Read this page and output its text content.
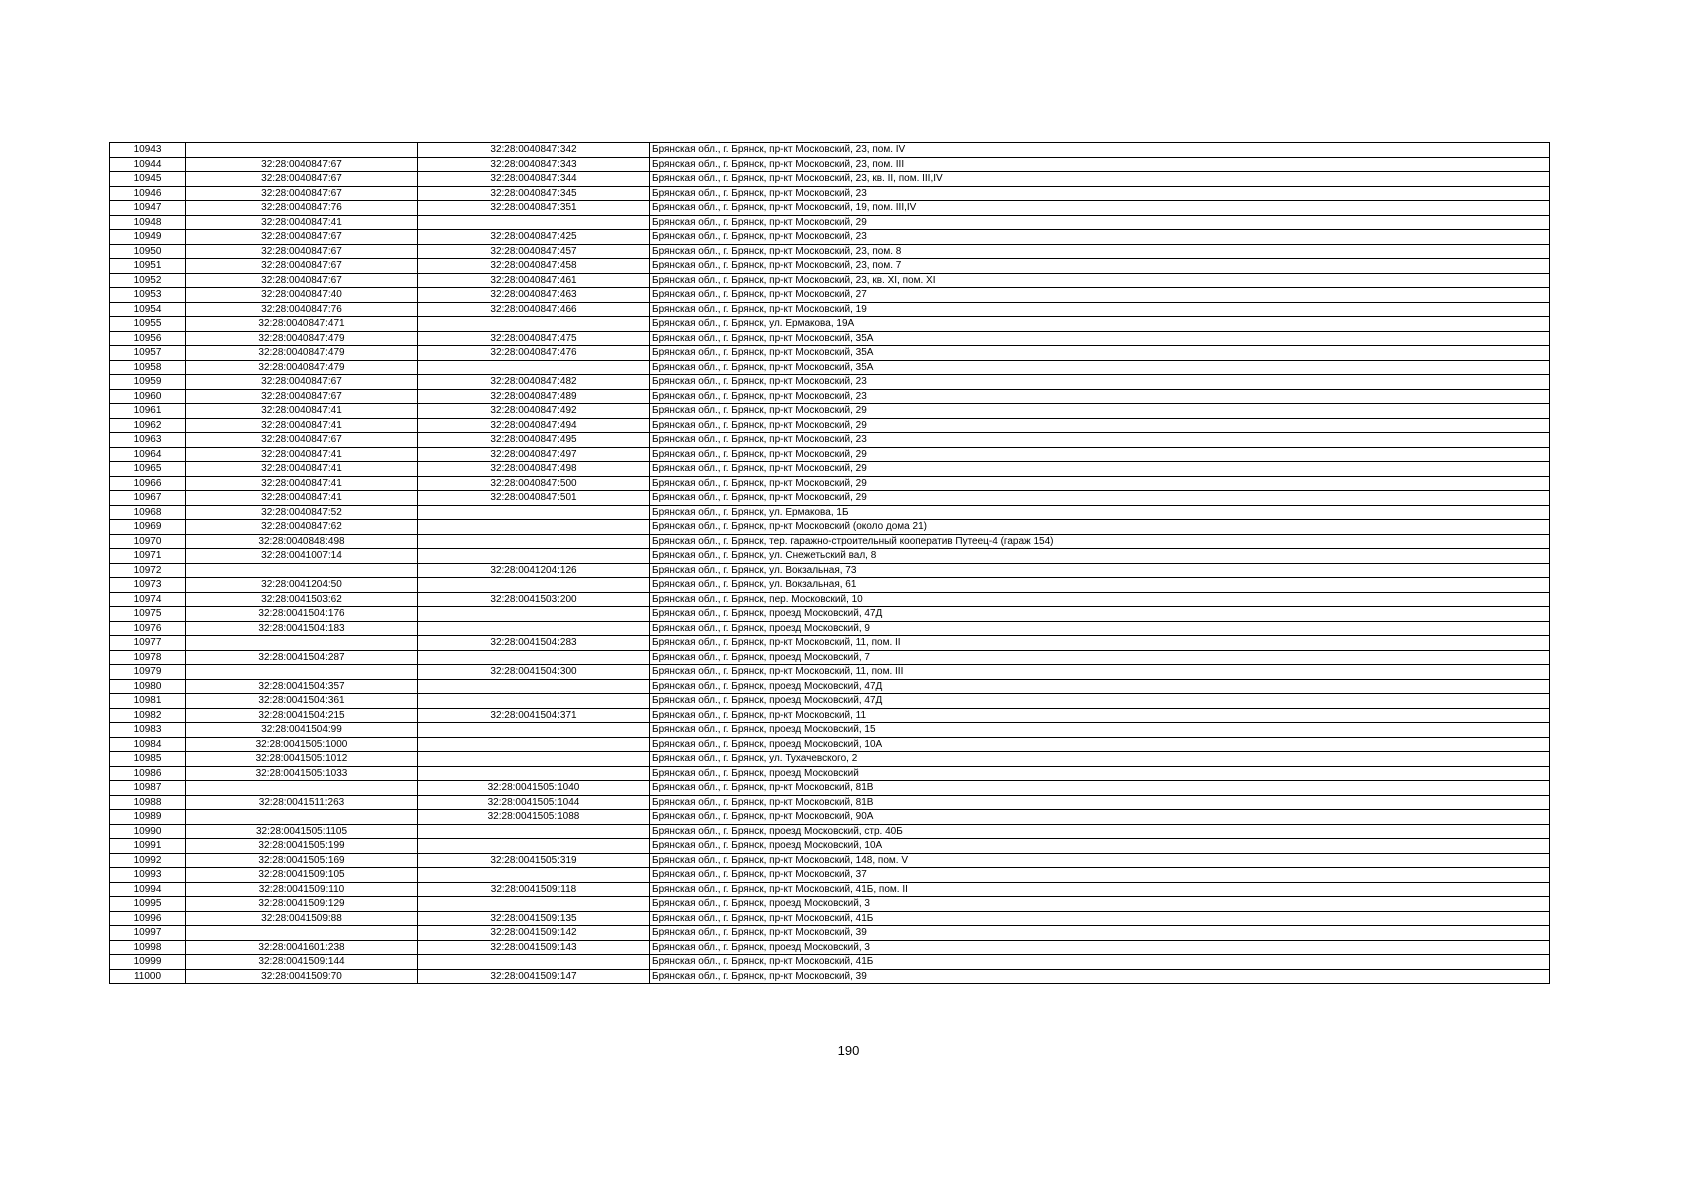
10943		32:28:0040847:342	Брянская обл., г. Брянск, пр-кт Московский, 23, пом. IV
10944	32:28:0040847:67	32:28:0040847:343	Брянская обл., г. Брянск, пр-кт Московский, 23, пом. III
10945	32:28:0040847:67	32:28:0040847:344	Брянская обл., г. Брянск, пр-кт Московский, 23, кв. II, пом. III,IV
10946	32:28:0040847:67	32:28:0040847:345	Брянская обл., г. Брянск, пр-кт Московский, 23
10947	32:28:0040847:76	32:28:0040847:351	Брянская обл., г. Брянск, пр-кт Московский, 19, пом. III,IV
10948	32:28:0040847:41		Брянская обл., г. Брянск, пр-кт Московский, 29
10949	32:28:0040847:67	32:28:0040847:425	Брянская обл., г. Брянск, пр-кт Московский, 23
10950	32:28:0040847:67	32:28:0040847:457	Брянская обл., г. Брянск, пр-кт Московский, 23, пом. 8
10951	32:28:0040847:67	32:28:0040847:458	Брянская обл., г. Брянск, пр-кт Московский, 23, пом. 7
10952	32:28:0040847:67	32:28:0040847:461	Брянская обл., г. Брянск, пр-кт Московский, 23, кв. XI, пом. XI
10953	32:28:0040847:40	32:28:0040847:463	Брянская обл., г. Брянск, пр-кт Московский, 27
10954	32:28:0040847:76	32:28:0040847:466	Брянская обл., г. Брянск, пр-кт Московский, 19
10955	32:28:0040847:471		Брянская обл., г. Брянск, ул. Ермакова, 19А
10956	32:28:0040847:479	32:28:0040847:475	Брянская обл., г. Брянск, пр-кт Московский, 35А
10957	32:28:0040847:479	32:28:0040847:476	Брянская обл., г. Брянск, пр-кт Московский, 35А
10958	32:28:0040847:479		Брянская обл., г. Брянск, пр-кт Московский, 35А
10959	32:28:0040847:67	32:28:0040847:482	Брянская обл., г. Брянск, пр-кт Московский, 23
10960	32:28:0040847:67	32:28:0040847:489	Брянская обл., г. Брянск, пр-кт Московский, 23
10961	32:28:0040847:41	32:28:0040847:492	Брянская обл., г. Брянск, пр-кт Московский, 29
10962	32:28:0040847:41	32:28:0040847:494	Брянская обл., г. Брянск, пр-кт Московский, 29
10963	32:28:0040847:67	32:28:0040847:495	Брянская обл., г. Брянск, пр-кт Московский, 23
10964	32:28:0040847:41	32:28:0040847:497	Брянская обл., г. Брянск, пр-кт Московский, 29
10965	32:28:0040847:41	32:28:0040847:498	Брянская обл., г. Брянск, пр-кт Московский, 29
10966	32:28:0040847:41	32:28:0040847:500	Брянская обл., г. Брянск, пр-кт Московский, 29
10967	32:28:0040847:41	32:28:0040847:501	Брянская обл., г. Брянск, пр-кт Московский, 29
10968	32:28:0040847:52		Брянская обл., г. Брянск, ул. Ермакова, 1Б
10969	32:28:0040847:62		Брянская обл., г. Брянск, пр-кт Московский (около дома 21)
10970	32:28:0040848:498		Брянская обл., г. Брянск, тер. гаражно-строительный кооператив Путеец-4 (гараж 154)
10971	32:28:0041007:14		Брянская обл., г. Брянск, ул. Снежетьский вал, 8
10972		32:28:0041204:126	Брянская обл., г. Брянск, ул. Вокзальная, 73
10973	32:28:0041204:50		Брянская обл., г. Брянск, ул. Вокзальная, 61
10974	32:28:0041503:62	32:28:0041503:200	Брянская обл., г. Брянск, пер. Московский, 10
10975	32:28:0041504:176		Брянская обл., г. Брянск, проезд Московский, 47Д
10976	32:28:0041504:183		Брянская обл., г. Брянск, проезд Московский, 9
10977		32:28:0041504:283	Брянская обл., г. Брянск, пр-кт Московский, 11, пом. II
10978	32:28:0041504:287		Брянская обл., г. Брянск, проезд Московский, 7
10979		32:28:0041504:300	Брянская обл., г. Брянск, пр-кт Московский, 11, пом. III
10980	32:28:0041504:357		Брянская обл., г. Брянск, проезд Московский, 47Д
10981	32:28:0041504:361		Брянская обл., г. Брянск, проезд Московский, 47Д
10982	32:28:0041504:215	32:28:0041504:371	Брянская обл., г. Брянск, пр-кт Московский, 11
10983	32:28:0041504:99		Брянская обл., г. Брянск, проезд Московский, 15
10984	32:28:0041505:1000		Брянская обл., г. Брянск, проезд Московский, 10А
10985	32:28:0041505:1012		Брянская обл., г. Брянск, ул. Тухачевского, 2
10986	32:28:0041505:1033		Брянская обл., г. Брянск, проезд Московский
10987		32:28:0041505:1040	Брянская обл., г. Брянск, пр-кт Московский, 81В
10988	32:28:0041511:263	32:28:0041505:1044	Брянская обл., г. Брянск, пр-кт Московский, 81В
10989		32:28:0041505:1088	Брянская обл., г. Брянск, пр-кт Московский, 90А
10990	32:28:0041505:1105		Брянская обл., г. Брянск, проезд Московский, стр. 40Б
10991	32:28:0041505:199		Брянская обл., г. Брянск, проезд Московский, 10А
10992	32:28:0041505:169	32:28:0041505:319	Брянская обл., г. Брянск, пр-кт Московский, 148, пом. V
10993	32:28:0041509:105		Брянская обл., г. Брянск, пр-кт Московский, 37
10994	32:28:0041509:110	32:28:0041509:118	Брянская обл., г. Брянск, пр-кт Московский, 41Б, пом. II
10995	32:28:0041509:129		Брянская обл., г. Брянск, проезд Московский, 3
10996	32:28:0041509:88	32:28:0041509:135	Брянская обл., г. Брянск, пр-кт Московский, 41Б
10997		32:28:0041509:142	Брянская обл., г. Брянск, пр-кт Московский, 39
10998	32:28:0041601:238	32:28:0041509:143	Брянская обл., г. Брянск, проезд Московский, 3
10999	32:28:0041509:144		Брянская обл., г. Брянск, пр-кт Московский, 41Б
11000	32:28:0041509:70	32:28:0041509:147	Брянская обл., г. Брянск, пр-кт Московский, 39
190
